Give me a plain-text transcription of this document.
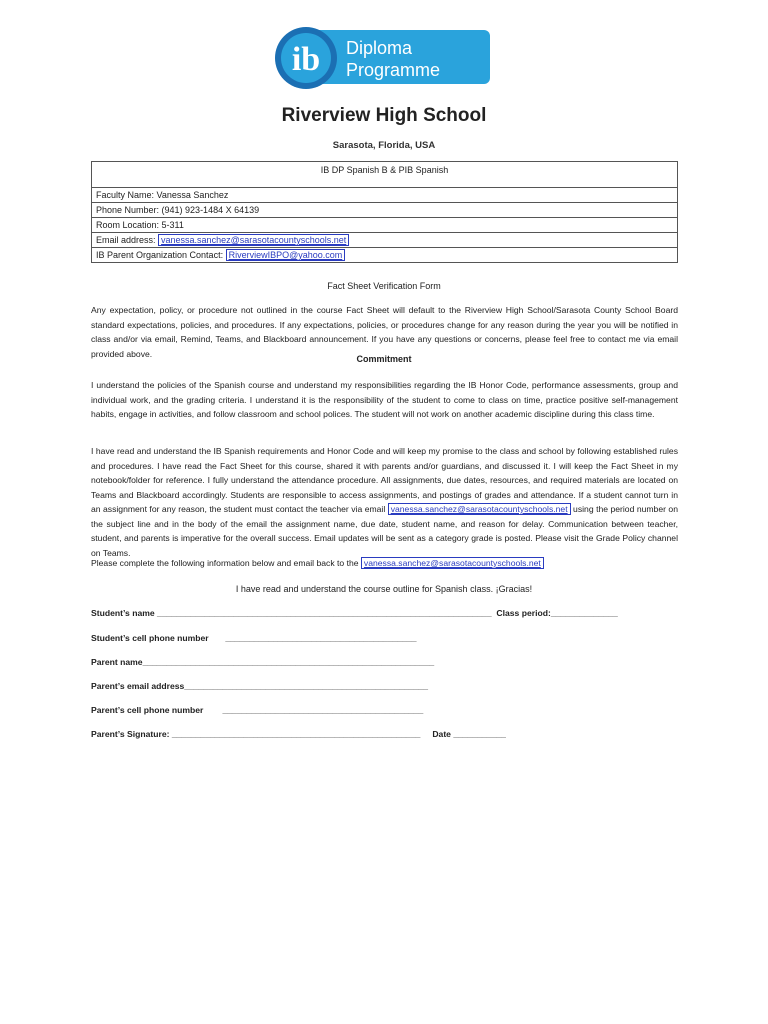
ib Diploma
Programme
Riverview High School
Sarasota, Florida, USA
IB DP Spanish B & PIB Spanish
Faculty Name: Vanessa Sanchez
Phone Number: (941) 923-1484 X 64139
Room Location: 5-311
Email address: vanessa.sanchez@sarasotacountyschools.net
IB Parent Organization Contact: RiverviewIBPO@yahoo.com
Fact Sheet Verification Form
Any expectation, policy, or procedure not outlined in the course Fact Sheet will default to the Riverview High School/Sarasota County School Board standard expectations, policies, and procedures. If any expectations, policies, or procedures change for any reason during the year you will be notified in class and/or via email, Remind, Teams, and Blackboard announcement. If you have any questions or concerns, please feel free to contact me via email provided above.
Commitment
I understand the policies of the Spanish course and understand my responsibilities regarding the IB Honor Code, performance assessments, group and individual work, and the grading criteria. I understand it is the responsibility of the student to come to class on time, practice positive self-management habits, engage in activities, and follow classroom and school polices. The student will not work on another academic discipline during this class time.
I have read and understand the IB Spanish requirements and Honor Code and will keep my promise to the class and school by following established rules and procedures. I have read the Fact Sheet for this course, shared it with parents and/or guardians, and discussed it. I will keep the Fact Sheet in my notebook/folder for reference. I fully understand the attendance procedure. All assignments, due dates, resources, and required materials are located on Teams and Blackboard accordingly. Students are responsible to access assignments, and postings of grades and attendance. If a student cannot turn in an assignment for any reason, the student must contact the teacher via email vanessa.sanchez@sarasotacountyschools.net using the period number on the subject line and in the body of the email the assignment name, due date, student name, and reason for delay. Communication between teacher, student, and parents is imperative for the overall success. Email updates will be sent as a category grade is posted. Please visit the Grade Policy channel on Teams.
Please complete the following information below and email back to the vanessa.sanchez@sarasotacountyschools.net
I have read and understand the course outline for Spanish class. ¡Gracias!
Student’s name ______________________________________________________________________  Class period:______________
Student’s cell phone number       ________________________________________
Parent name_____________________________________________________________
Parent’s email address___________________________________________________
Parent’s cell phone number        __________________________________________
Parent’s Signature: ____________________________________________________     Date ___________
